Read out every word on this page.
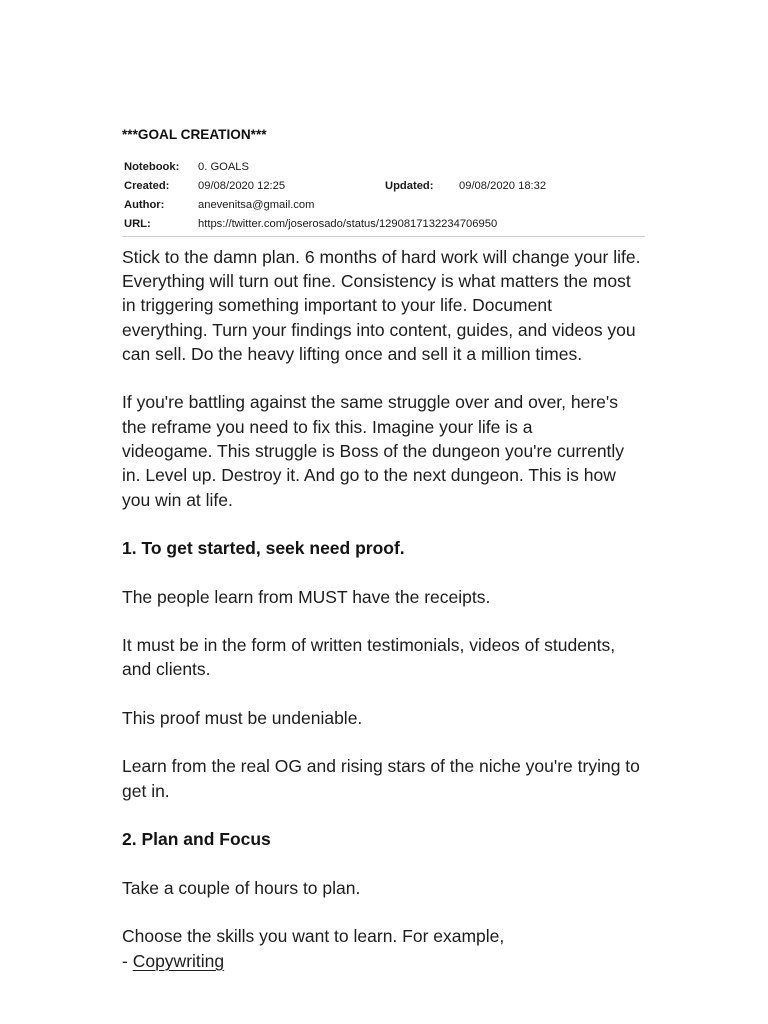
***GOAL CREATION***
Notebook: 0. GOALS
Created:	09/08/2020 12:25	Updated: 09/08/2020 18:32
Author:	anevenitsa@gmail.com
URL:	https://twitter.com/joserosado/status/1290817132234706950
Stick to the damn plan. 6 months of hard work will change your life.
Everything will turn out fine. Consistency is what matters the most
in triggering something important to your life. Document
everything. Turn your findings into content, guides, and videos you
can sell. Do the heavy lifting once and sell it a million times.
If you're battling against the same struggle over and over, here's
the reframe you need to fix this. Imagine your life is a
videogame. This struggle is Boss of the dungeon you're currently
in. Level up. Destroy it. And go to the next dungeon. This is how
you win at life.
1. To get started, seek need proof.
The people learn from MUST have the receipts.
It must be in the form of written testimonials, videos of students,
and clients.
This proof must be undeniable.
Learn from the real OG and rising stars of the niche you're trying to
get in.
2. Plan and Focus
Take a couple of hours to plan.
Choose the skills you want to learn. For example,
- Copywriting
